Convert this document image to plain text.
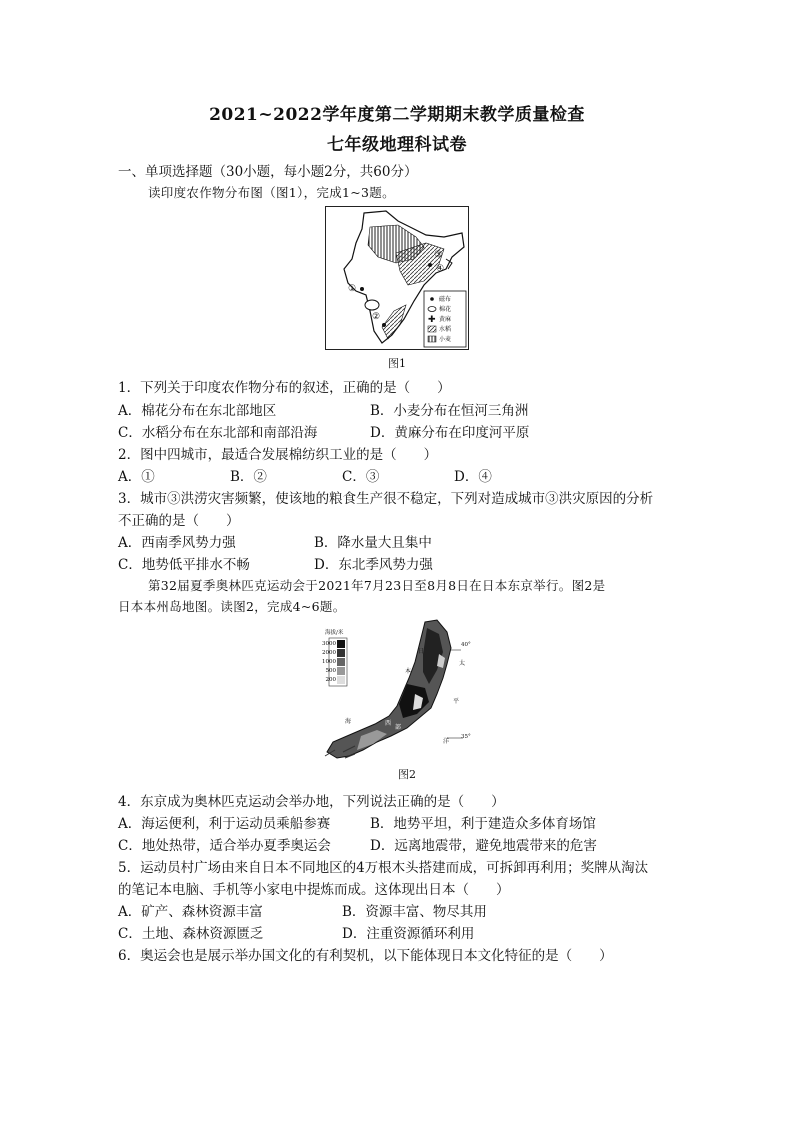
2021~2022学年度第二学期期末教学质量检查
七年级地理科试卷
一、单项选择题（30小题，每小题2分，共60分）
读印度农作物分布图（图1），完成1~3题。
①
②
③
④
✚
磁布
棉花
黄麻
水稻
小麦
图1
1．下列关于印度农作物分布的叙述，正确的是（　　）
A．棉花分布在东北部地区	B．小麦分布在恒河三角洲
C．水稻分布在东北部和南部沿海	D．黄麻分布在印度河平原
2．图中四城市，最适合发展棉纺织工业的是（　　）
A．①	B．②	C．③	D．④
3．城市③洪涝灾害频繁，使该地的粮食生产很不稳定，下列对造成城市③洪灾原因的分析
不正确的是（　　）
A．西南季风势力强	B．降水量大且集中
C．地势低平排水不畅	D．东北季风势力强
第32届夏季奥林匹克运动会于2021年7月23日至8月8日在日本东京举行。图2是
日本本州岛地图。读图2，完成4~6题。
海拔/米
3000
2000
1000
500
200
日
本
海
太
平
洋
西
部
40°
35°
图2
4．东京成为奥林匹克运动会举办地，下列说法正确的是（　　）
A．海运便利，利于运动员乘船参赛	B．地势平坦，利于建造众多体育场馆
C．地处热带，适合举办夏季奥运会	D．远离地震带，避免地震带来的危害
5．运动员村广场由来自日本不同地区的4万根木头搭建而成，可拆卸再利用；奖牌从淘汰
的笔记本电脑、手机等小家电中提炼而成。这体现出日本（　　）
A．矿产、森林资源丰富	B．资源丰富、物尽其用
C．土地、森林资源匮乏	D．注重资源循环利用
6．奥运会也是展示举办国文化的有利契机，以下能体现日本文化特征的是（　　）
